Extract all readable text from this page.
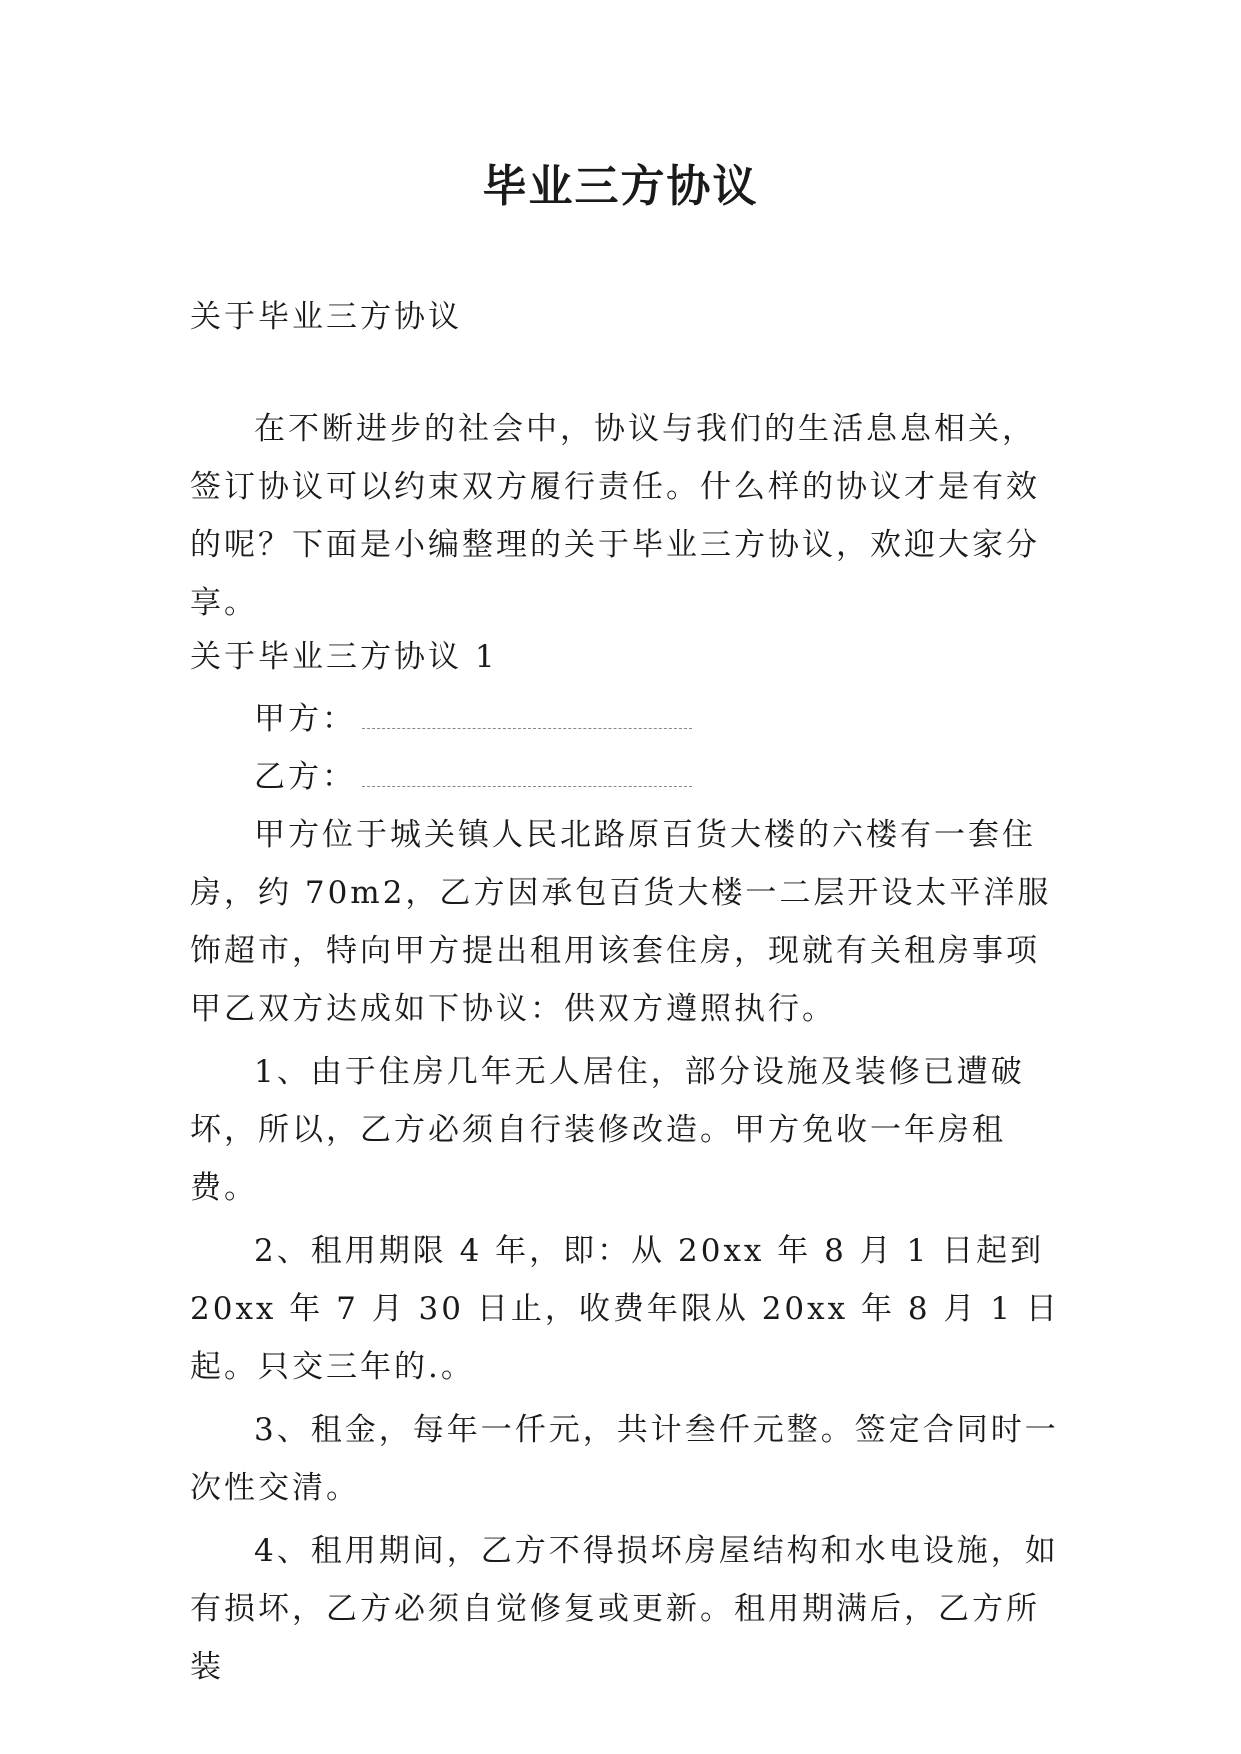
毕业三方协议
关于毕业三方协议

在不断进步的社会中，协议与我们的生活息息相关，签订协议可以约束双方履行责任。什么样的协议才是有效的呢？下面是小编整理的关于毕业三方协议，欢迎大家分享。

关于毕业三方协议 1

甲方：

乙方：

甲方位于城关镇人民北路原百货大楼的六楼有一套住房，约 70m2，乙方因承包百货大楼一二层开设太平洋服饰超市，特向甲方提出租用该套住房，现就有关租房事项甲乙双方达成如下协议：供双方遵照执行。

1、由于住房几年无人居住，部分设施及装修已遭破坏，所以，乙方必须自行装修改造。甲方免收一年房租费。

2、租用期限 4 年，即：从 20xx 年 8 月 1 日起到 20xx 年 7 月 30 日止，收费年限从 20xx 年 8 月 1 日起。只交三年的.。

3、租金，每年一仟元，共计叁仟元整。签定合同时一次性交清。

4、租用期间，乙方不得损坏房屋结构和水电设施，如有损坏，乙方必须自觉修复或更新。租用期满后，乙方所装
